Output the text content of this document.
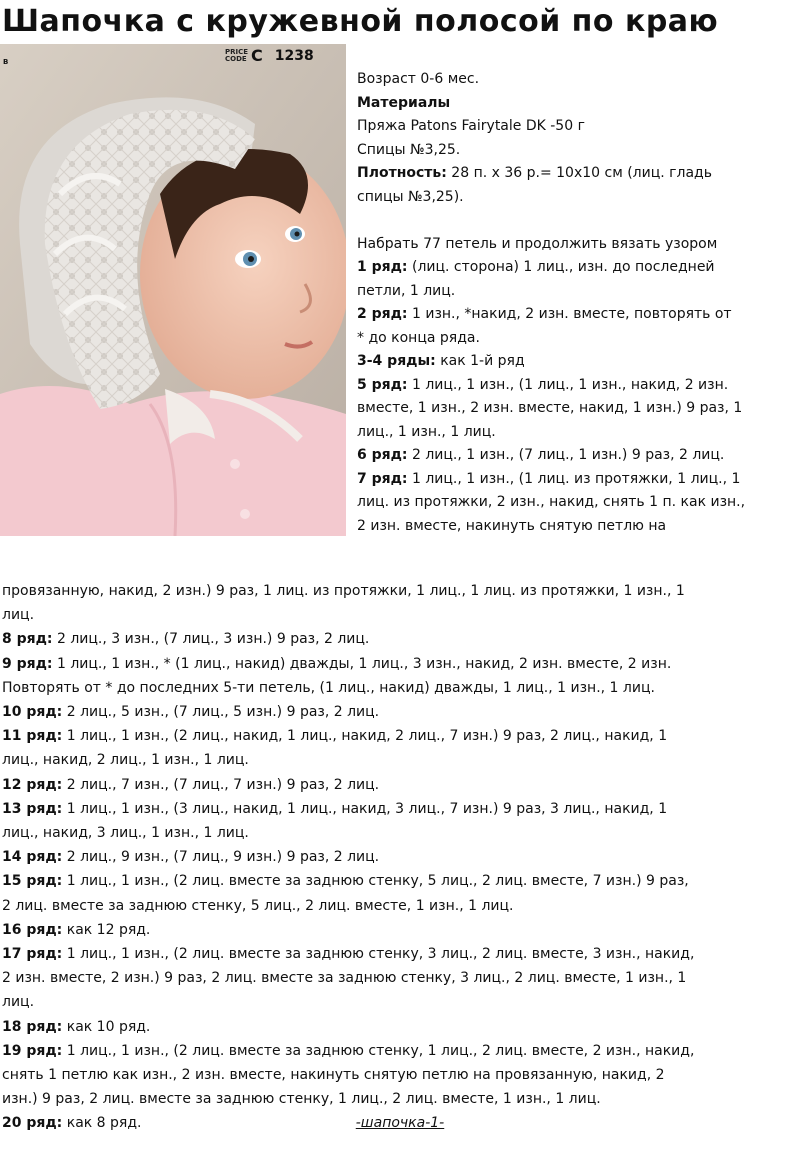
Шапочка с кружевной полосой по краю
PRICE CODE C 1238
B
Возраст 0-6 мес.
Материалы
Пряжа Patons Fairytale DK -50 г
Спицы №3,25.
Плотность: 28 п. х 36 р.= 10х10 см (лиц. гладь
спицы №3,25).

Набрать 77 петель и продолжить вязать узором
1 ряд: (лиц. сторона) 1 лиц., изн. до последней
петли, 1 лиц.
2 ряд: 1 изн., *накид, 2 изн. вместе, повторять от
* до конца ряда.
3-4 ряды: как 1-й ряд
5 ряд: 1 лиц., 1 изн., (1 лиц., 1 изн., накид, 2 изн.
вместе, 1 изн., 2 изн. вместе, накид, 1 изн.) 9 раз, 1
лиц., 1 изн., 1 лиц.
6 ряд: 2 лиц., 1 изн., (7 лиц., 1 изн.) 9 раз, 2 лиц.
7 ряд: 1 лиц., 1 изн., (1 лиц. из протяжки, 1 лиц., 1
лиц. из протяжки, 2 изн., накид, снять 1 п. как изн.,
2 изн. вместе, накинуть снятую петлю на
провязанную, накид, 2 изн.) 9 раз, 1 лиц. из протяжки, 1 лиц., 1 лиц. из протяжки, 1 изн., 1
лиц.
8 ряд: 2 лиц., 3 изн., (7 лиц., 3 изн.) 9 раз, 2 лиц.
9 ряд: 1 лиц., 1 изн., * (1 лиц., накид) дважды, 1 лиц., 3 изн., накид, 2 изн. вместе, 2 изн.
Повторять от * до последних 5-ти петель, (1 лиц., накид) дважды, 1 лиц., 1 изн., 1 лиц.
10 ряд: 2 лиц., 5 изн., (7 лиц., 5 изн.) 9 раз, 2 лиц.
11 ряд: 1 лиц., 1 изн., (2 лиц., накид, 1 лиц., накид, 2 лиц., 7 изн.) 9 раз, 2 лиц., накид, 1
лиц., накид, 2 лиц., 1 изн., 1 лиц.
12 ряд: 2 лиц., 7 изн., (7 лиц., 7 изн.) 9 раз, 2 лиц.
13 ряд: 1 лиц., 1 изн., (3 лиц., накид, 1 лиц., накид, 3 лиц., 7 изн.) 9 раз, 3 лиц., накид, 1
лиц., накид, 3 лиц., 1 изн., 1 лиц.
14 ряд: 2 лиц., 9 изн., (7 лиц., 9 изн.) 9 раз, 2 лиц.
15 ряд: 1 лиц., 1 изн., (2 лиц. вместе за заднюю стенку, 5 лиц., 2 лиц. вместе, 7 изн.) 9 раз,
2 лиц. вместе за заднюю стенку, 5 лиц., 2 лиц. вместе, 1 изн., 1 лиц.
16 ряд: как 12 ряд.
17 ряд: 1 лиц., 1 изн., (2 лиц. вместе за заднюю стенку, 3 лиц., 2 лиц. вместе, 3 изн., накид,
2 изн. вместе, 2 изн.) 9 раз, 2 лиц. вместе за заднюю стенку, 3 лиц., 2 лиц. вместе, 1 изн., 1
лиц.
18 ряд: как 10 ряд.
19 ряд: 1 лиц., 1 изн., (2 лиц. вместе за заднюю стенку, 1 лиц., 2 лиц. вместе, 2 изн., накид,
снять 1 петлю как изн., 2 изн. вместе, накинуть снятую петлю на провязанную, накид, 2
изн.) 9 раз, 2 лиц. вместе за заднюю стенку, 1 лиц., 2 лиц. вместе, 1 изн., 1 лиц.
20 ряд: как 8 ряд.	-шапочка-1-
